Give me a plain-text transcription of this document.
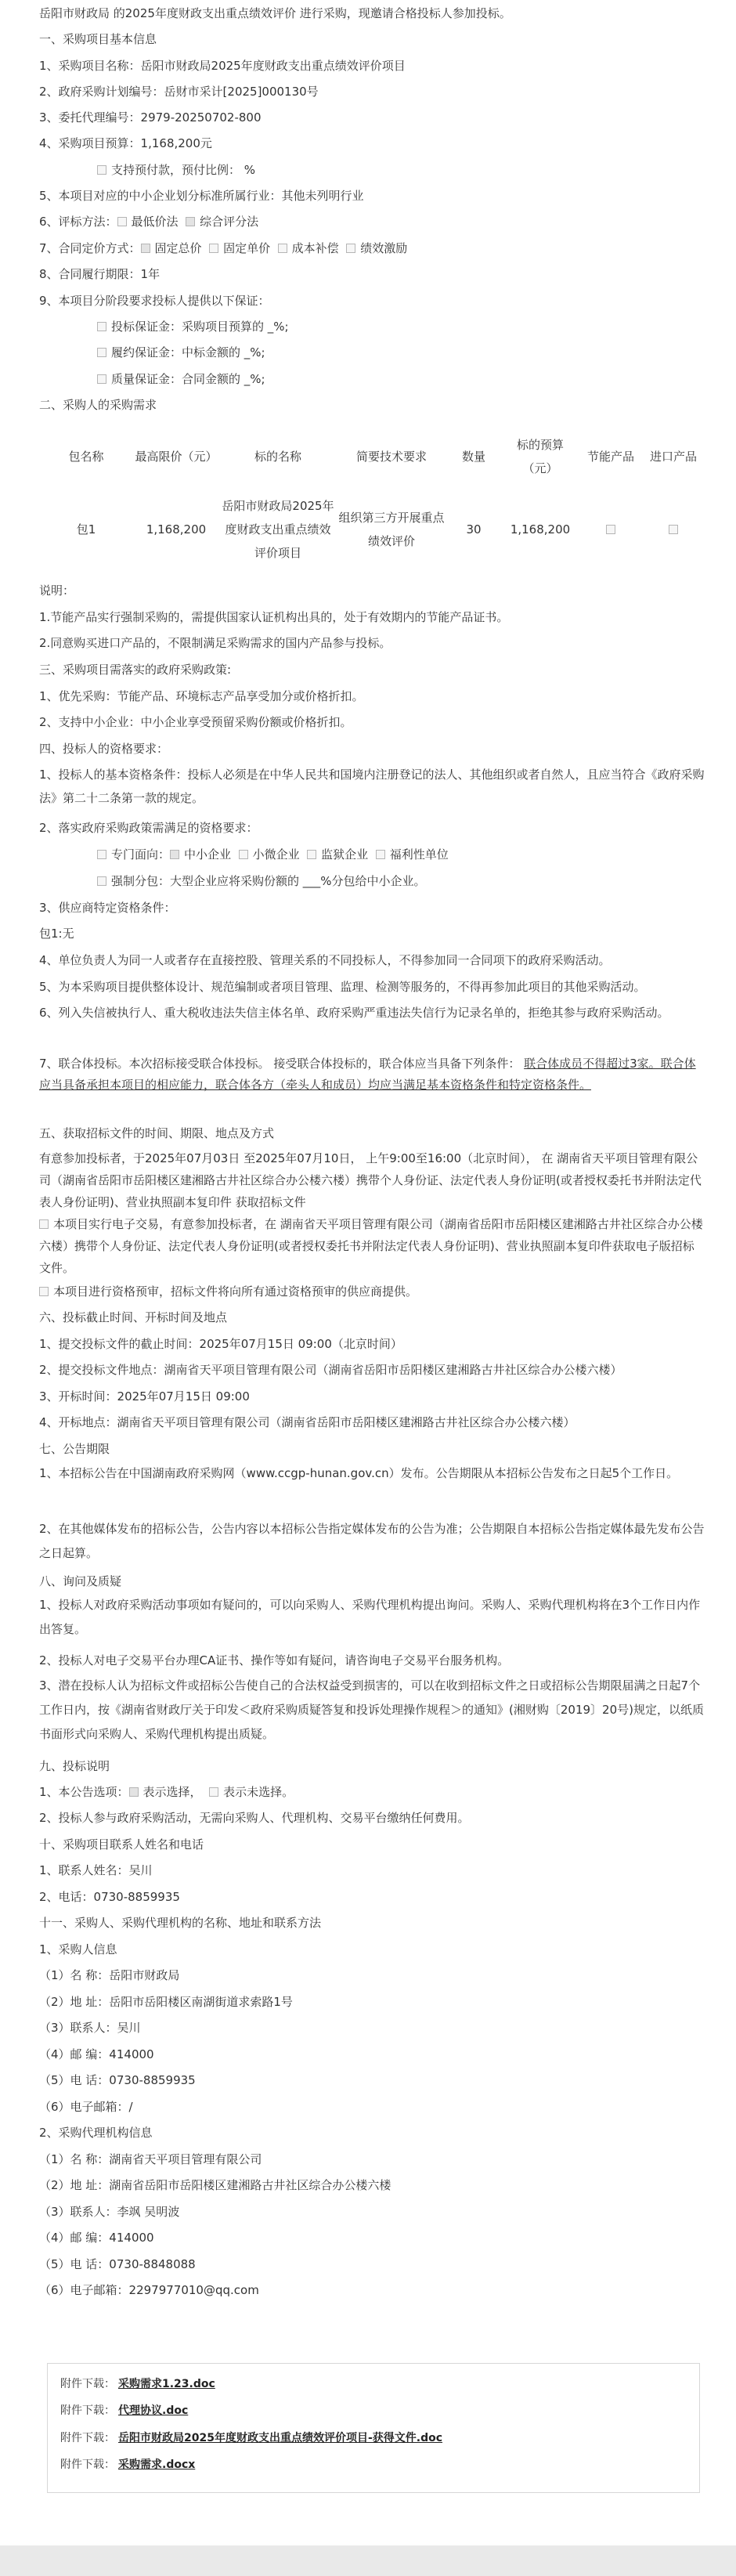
岳阳市财政局 的2025年度财政支出重点绩效评价 进行采购，现邀请合格投标人参加投标。
一、采购项目基本信息
1、采购项目名称：岳阳市财政局2025年度财政支出重点绩效评价项目
2、政府采购计划编号：岳财市采计[2025]000130号
3、委托代理编号：2979-20250702-800
4、采购项目预算：1,168,200元
支持预付款，预付比例： %
5、本项目对应的中小企业划分标准所属行业：其他未列明行业
6、评标方法： 最低价法 综合评分法
7、合同定价方式： 固定总价 固定单价 成本补偿 绩效激励
8、合同履行期限：1年
9、本项目分阶段要求投标人提供以下保证：
投标保证金：采购项目预算的 _%;
履约保证金：中标金额的 _%;
质量保证金：合同金额的 _%;
二、采购人的采购需求
包名称	最高限价（元）	标的名称	简要技术要求	数量	标的预算（元）	节能产品	进口产品
包1	1,168,200	岳阳市财政局2025年度财政支出重点绩效评价项目	组织第三方开展重点绩效评价	30	1,168,200		
说明：
1.节能产品实行强制采购的，需提供国家认证机构出具的，处于有效期内的节能产品证书。
2.同意购买进口产品的，不限制满足采购需求的国内产品参与投标。
三、采购项目需落实的政府采购政策:
1、优先采购：节能产品、环境标志产品享受加分或价格折扣。
2、支持中小企业：中小企业享受预留采购份额或价格折扣。
四、投标人的资格要求：
1、投标人的基本资格条件：投标人必须是在中华人民共和国境内注册登记的法人、其他组织或者自然人，且应当符合《政府采购法》第二十二条第一款的规定。
2、落实政府采购政策需满足的资格要求：
专门面向： 中小企业 小微企业 监狱企业 福利性单位
强制分包：大型企业应将采购份额的 ___%分包给中小企业。
3、供应商特定资格条件：
包1:无
4、单位负责人为同一人或者存在直接控股、管理关系的不同投标人，不得参加同一合同项下的政府采购活动。
5、为本采购项目提供整体设计、规范编制或者项目管理、监理、检测等服务的，不得再参加此项目的其他采购活动。
6、列入失信被执行人、重大税收违法失信主体名单、政府采购严重违法失信行为记录名单的，拒绝其参与政府采购活动。
7、联合体投标。本次招标接受联合体投标。 接受联合体投标的，联合体应当具备下列条件： 联合体成员不得超过3家。联合体应当具备承担本项目的相应能力，联合体各方（牵头人和成员）均应当满足基本资格条件和特定资格条件。
五、获取招标文件的时间、期限、地点及方式
有意参加投标者，于2025年07月03日 至2025年07月10日， 上午9:00至16:00（北京时间）， 在 湖南省天平项目管理有限公司（湖南省岳阳市岳阳楼区建湘路古井社区综合办公楼六楼）携带个人身份证、法定代表人身份证明(或者授权委托书并附法定代表人身份证明)、营业执照副本复印件 获取招标文件
本项目实行电子交易，有意参加投标者，在 湖南省天平项目管理有限公司（湖南省岳阳市岳阳楼区建湘路古井社区综合办公楼六楼）携带个人身份证、法定代表人身份证明(或者授权委托书并附法定代表人身份证明)、营业执照副本复印件获取电子版招标文件。
本项目进行资格预审，招标文件将向所有通过资格预审的供应商提供。
六、投标截止时间、开标时间及地点
1、提交投标文件的截止时间：2025年07月15日 09:00（北京时间）
2、提交投标文件地点：湖南省天平项目管理有限公司（湖南省岳阳市岳阳楼区建湘路古井社区综合办公楼六楼）
3、开标时间：2025年07月15日 09:00
4、开标地点：湖南省天平项目管理有限公司（湖南省岳阳市岳阳楼区建湘路古井社区综合办公楼六楼）
七、公告期限
1、本招标公告在中国湖南政府采购网（www.ccgp-hunan.gov.cn）发布。公告期限从本招标公告发布之日起5个工作日。
2、在其他媒体发布的招标公告，公告内容以本招标公告指定媒体发布的公告为准；公告期限自本招标公告指定媒体最先发布公告之日起算。
八、询问及质疑
1、投标人对政府采购活动事项如有疑问的，可以向采购人、采购代理机构提出询问。采购人、采购代理机构将在3个工作日内作出答复。
2、投标人对电子交易平台办理CA证书、操作等如有疑问，请咨询电子交易平台服务机构。
3、潜在投标人认为招标文件或招标公告使自己的合法权益受到损害的，可以在收到招标文件之日或招标公告期限届满之日起7个工作日内，按《湖南省财政厅关于印发＜政府采购质疑答复和投诉处理操作规程＞的通知》(湘财购〔2019〕20号)规定，以纸质书面形式向采购人、采购代理机构提出质疑。
九、投标说明
1、本公告选项： 表示选择， 表示未选择。
2、投标人参与政府采购活动，无需向采购人、代理机构、交易平台缴纳任何费用。
十、采购项目联系人姓名和电话
1、联系人姓名：吴川
2、电话：0730-8859935
十一、采购人、采购代理机构的名称、地址和联系方法
1、采购人信息
（1）名 称：岳阳市财政局
（2）地 址：岳阳市岳阳楼区南湖街道求索路1号
（3）联系人：吴川
（4）邮 编：414000
（5）电 话：0730-8859935
（6）电子邮箱：/
2、采购代理机构信息
（1）名 称：湖南省天平项目管理有限公司
（2）地 址：湖南省岳阳市岳阳楼区建湘路古井社区综合办公楼六楼
（3）联系人：李飒 吴明波
（4）邮 编：414000
（5）电 话：0730-8848088
（6）电子邮箱：2297977010@qq.com
附件下载： 采购需求1.23.doc
附件下载： 代理协议.doc
附件下载： 岳阳市财政局2025年度财政支出重点绩效评价项目-获得文件.doc
附件下载： 采购需求.docx
